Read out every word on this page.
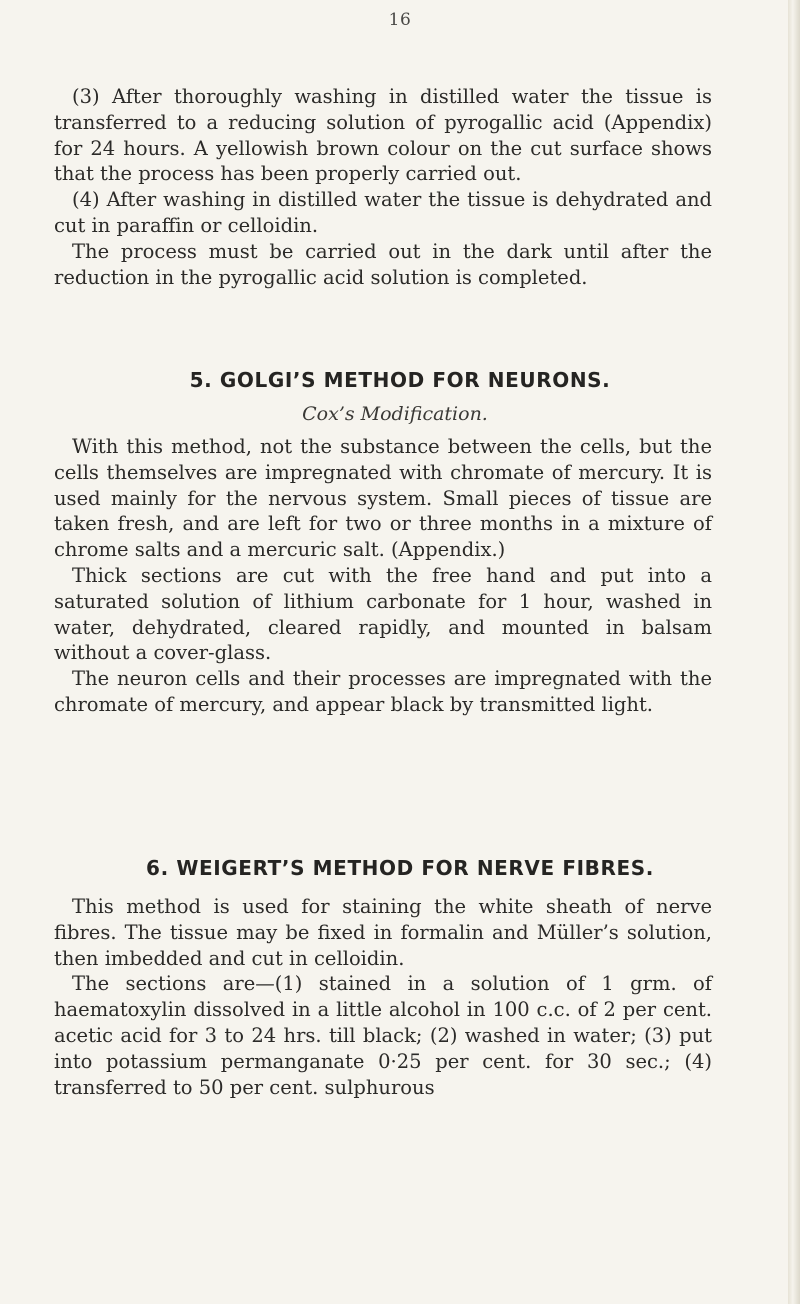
16

(3) After thoroughly washing in distilled water the tissue is transferred to a reducing solution of pyrogallic acid (Appendix) for 24 hours. A yellowish brown colour on the cut surface shows that the process has been properly carried out.

(4) After washing in distilled water the tissue is dehydrated and cut in paraffin or celloidin.

The process must be carried out in the dark until after the reduction in the pyrogallic acid solution is completed.

5. GOLGI’S METHOD FOR NEURONS.
Cox’s Modification.

With this method, not the substance between the cells, but the cells themselves are impregnated with chromate of mercury. It is used mainly for the nervous system. Small pieces of tissue are taken fresh, and are left for two or three months in a mixture of chrome salts and a mercuric salt. (Appendix.)

Thick sections are cut with the free hand and put into a saturated solution of lithium carbonate for 1 hour, washed in water, dehydrated, cleared rapidly, and mounted in balsam without a cover-glass.

The neuron cells and their processes are impregnated with the chromate of mercury, and appear black by transmitted light.

6. WEIGERT’S METHOD FOR NERVE FIBRES.

This method is used for staining the white sheath of nerve fibres. The tissue may be fixed in formalin and Müller’s solution, then imbedded and cut in celloidin.

The sections are—(1) stained in a solution of 1 grm. of haematoxylin dissolved in a little alcohol in 100 c.c. of 2 per cent. acetic acid for 3 to 24 hrs. till black; (2) washed in water; (3) put into potassium permanganate 0·25 per cent. for 30 sec.; (4) transferred to 50 per cent. sulphurous
